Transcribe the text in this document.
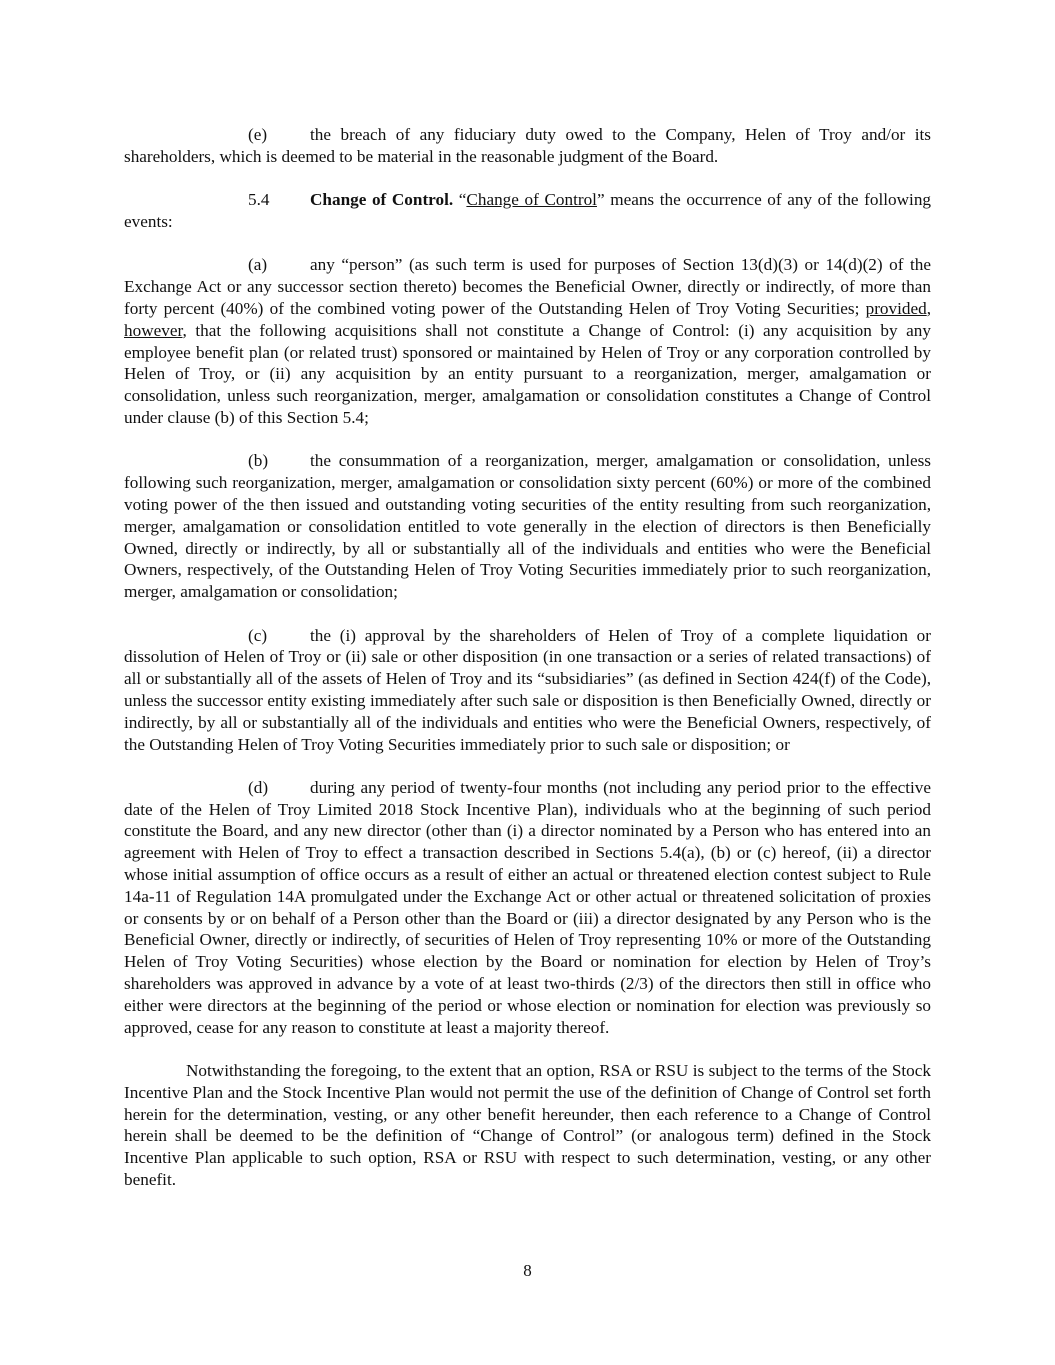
(e) the breach of any fiduciary duty owed to the Company, Helen of Troy and/or its shareholders, which is deemed to be material in the reasonable judgment of the Board.

5.4 Change of Control. “Change of Control” means the occurrence of any of the following events:

(a) any “person” (as such term is used for purposes of Section 13(d)(3) or 14(d)(2) of the Exchange Act or any successor section thereto) becomes the Beneficial Owner, directly or indirectly, of more than forty percent (40%) of the combined voting power of the Outstanding Helen of Troy Voting Securities; provided, however, that the following acquisitions shall not constitute a Change of Control: (i) any acquisition by any employee benefit plan (or related trust) sponsored or maintained by Helen of Troy or any corporation controlled by Helen of Troy, or (ii) any acquisition by an entity pursuant to a reorganization, merger, amalgamation or consolidation, unless such reorganization, merger, amalgamation or consolidation constitutes a Change of Control under clause (b) of this Section 5.4;

(b) the consummation of a reorganization, merger, amalgamation or consolidation, unless following such reorganization, merger, amalgamation or consolidation sixty percent (60%) or more of the combined voting power of the then issued and outstanding voting securities of the entity resulting from such reorganization, merger, amalgamation or consolidation entitled to vote generally in the election of directors is then Beneficially Owned, directly or indirectly, by all or substantially all of the individuals and entities who were the Beneficial Owners, respectively, of the Outstanding Helen of Troy Voting Securities immediately prior to such reorganization, merger, amalgamation or consolidation;

(c) the (i) approval by the shareholders of Helen of Troy of a complete liquidation or dissolution of Helen of Troy or (ii) sale or other disposition (in one transaction or a series of related transactions) of all or substantially all of the assets of Helen of Troy and its “subsidiaries” (as defined in Section 424(f) of the Code), unless the successor entity existing immediately after such sale or disposition is then Beneficially Owned, directly or indirectly, by all or substantially all of the individuals and entities who were the Beneficial Owners, respectively, of the Outstanding Helen of Troy Voting Securities immediately prior to such sale or disposition; or

(d) during any period of twenty-four months (not including any period prior to the effective date of the Helen of Troy Limited 2018 Stock Incentive Plan), individuals who at the beginning of such period constitute the Board, and any new director (other than (i) a director nominated by a Person who has entered into an agreement with Helen of Troy to effect a transaction described in Sections 5.4(a), (b) or (c) hereof, (ii) a director whose initial assumption of office occurs as a result of either an actual or threatened election contest subject to Rule 14a-11 of Regulation 14A promulgated under the Exchange Act or other actual or threatened solicitation of proxies or consents by or on behalf of a Person other than the Board or (iii) a director designated by any Person who is the Beneficial Owner, directly or indirectly, of securities of Helen of Troy representing 10% or more of the Outstanding Helen of Troy Voting Securities) whose election by the Board or nomination for election by Helen of Troy’s shareholders was approved in advance by a vote of at least two-thirds (2/3) of the directors then still in office who either were directors at the beginning of the period or whose election or nomination for election was previously so approved, cease for any reason to constitute at least a majority thereof.

Notwithstanding the foregoing, to the extent that an option, RSA or RSU is subject to the terms of the Stock Incentive Plan and the Stock Incentive Plan would not permit the use of the definition of Change of Control set forth herein for the determination, vesting, or any other benefit hereunder, then each reference to a Change of Control herein shall be deemed to be the definition of “Change of Control” (or analogous term) defined in the Stock Incentive Plan applicable to such option, RSA or RSU with respect to such determination, vesting, or any other benefit.

8
